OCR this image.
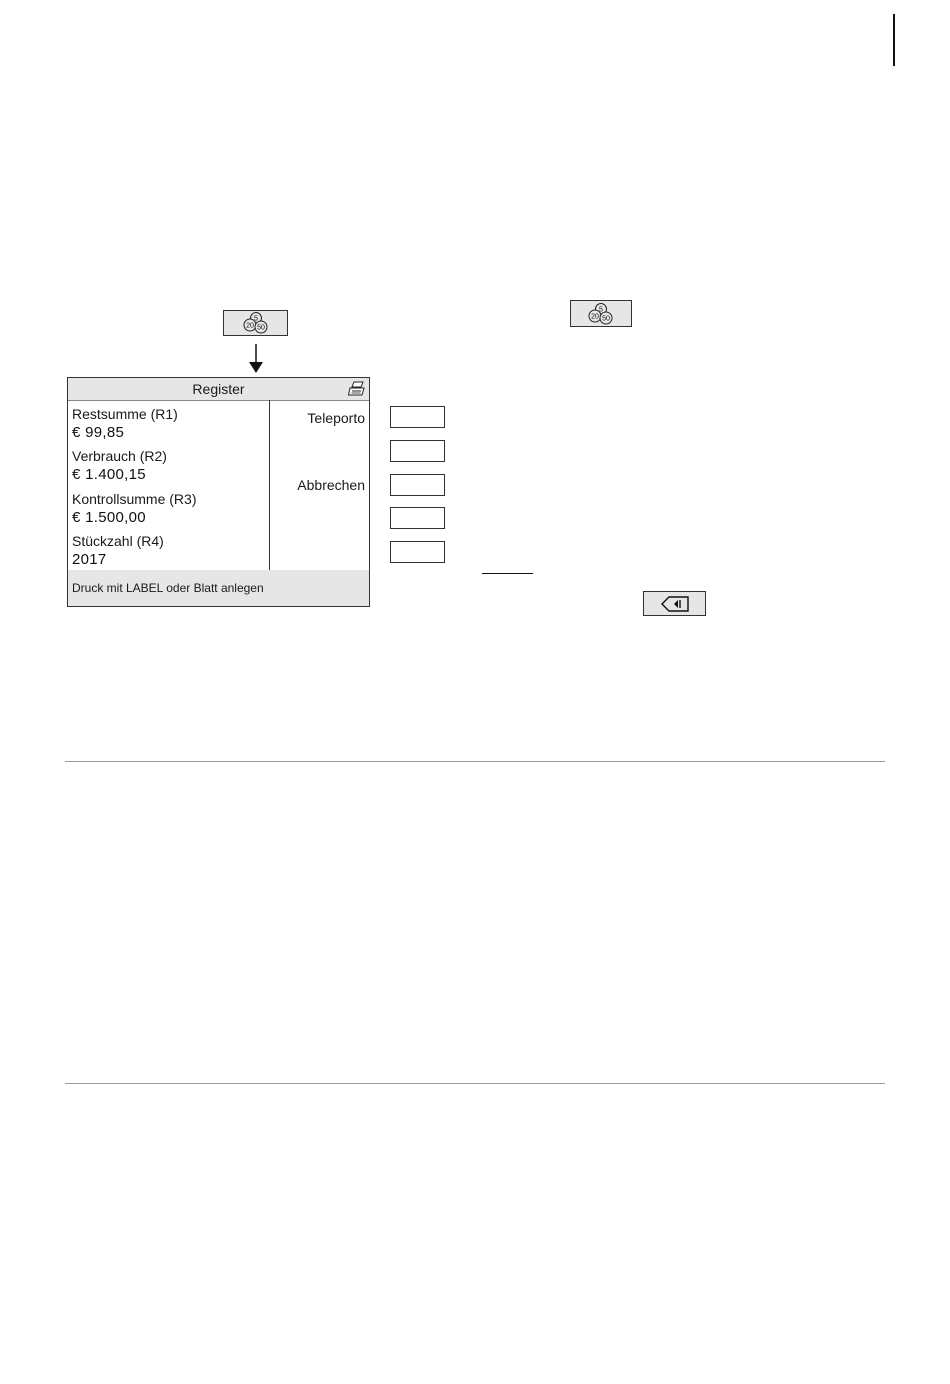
5
20 50
5
20 50
Register
Restsumme (R1)
€ 99,85
Verbrauch (R2)
€ 1.400,15
Kontrollsumme (R3)
€ 1.500,00
Stückzahl (R4)
2017
Teleporto
Abbrechen
Druck mit LABEL oder Blatt anlegen
